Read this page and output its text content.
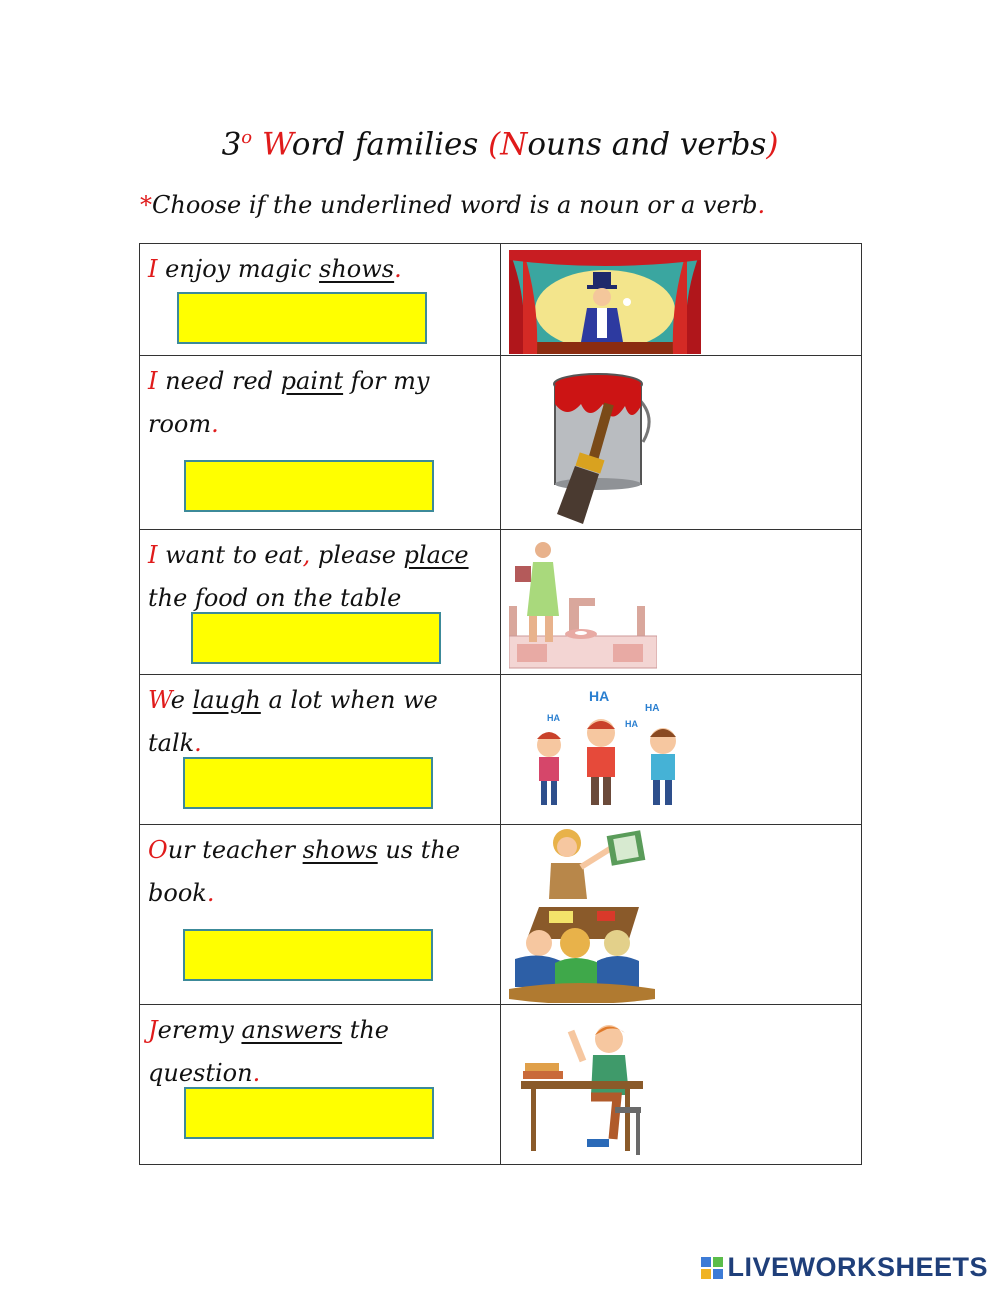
3$^o$ Word families (Nouns and verbs)
*Choose if the underlined word is a noun or a verb.
I enjoy magic shows.

I need red paint for my room.

I want to eat, please place the food on the table

We laugh a lot when we talk.	HA
HA
HA
HA

Our teacher shows us the book.

Jeremy answers the question.

LIVEWORKSHEETS
